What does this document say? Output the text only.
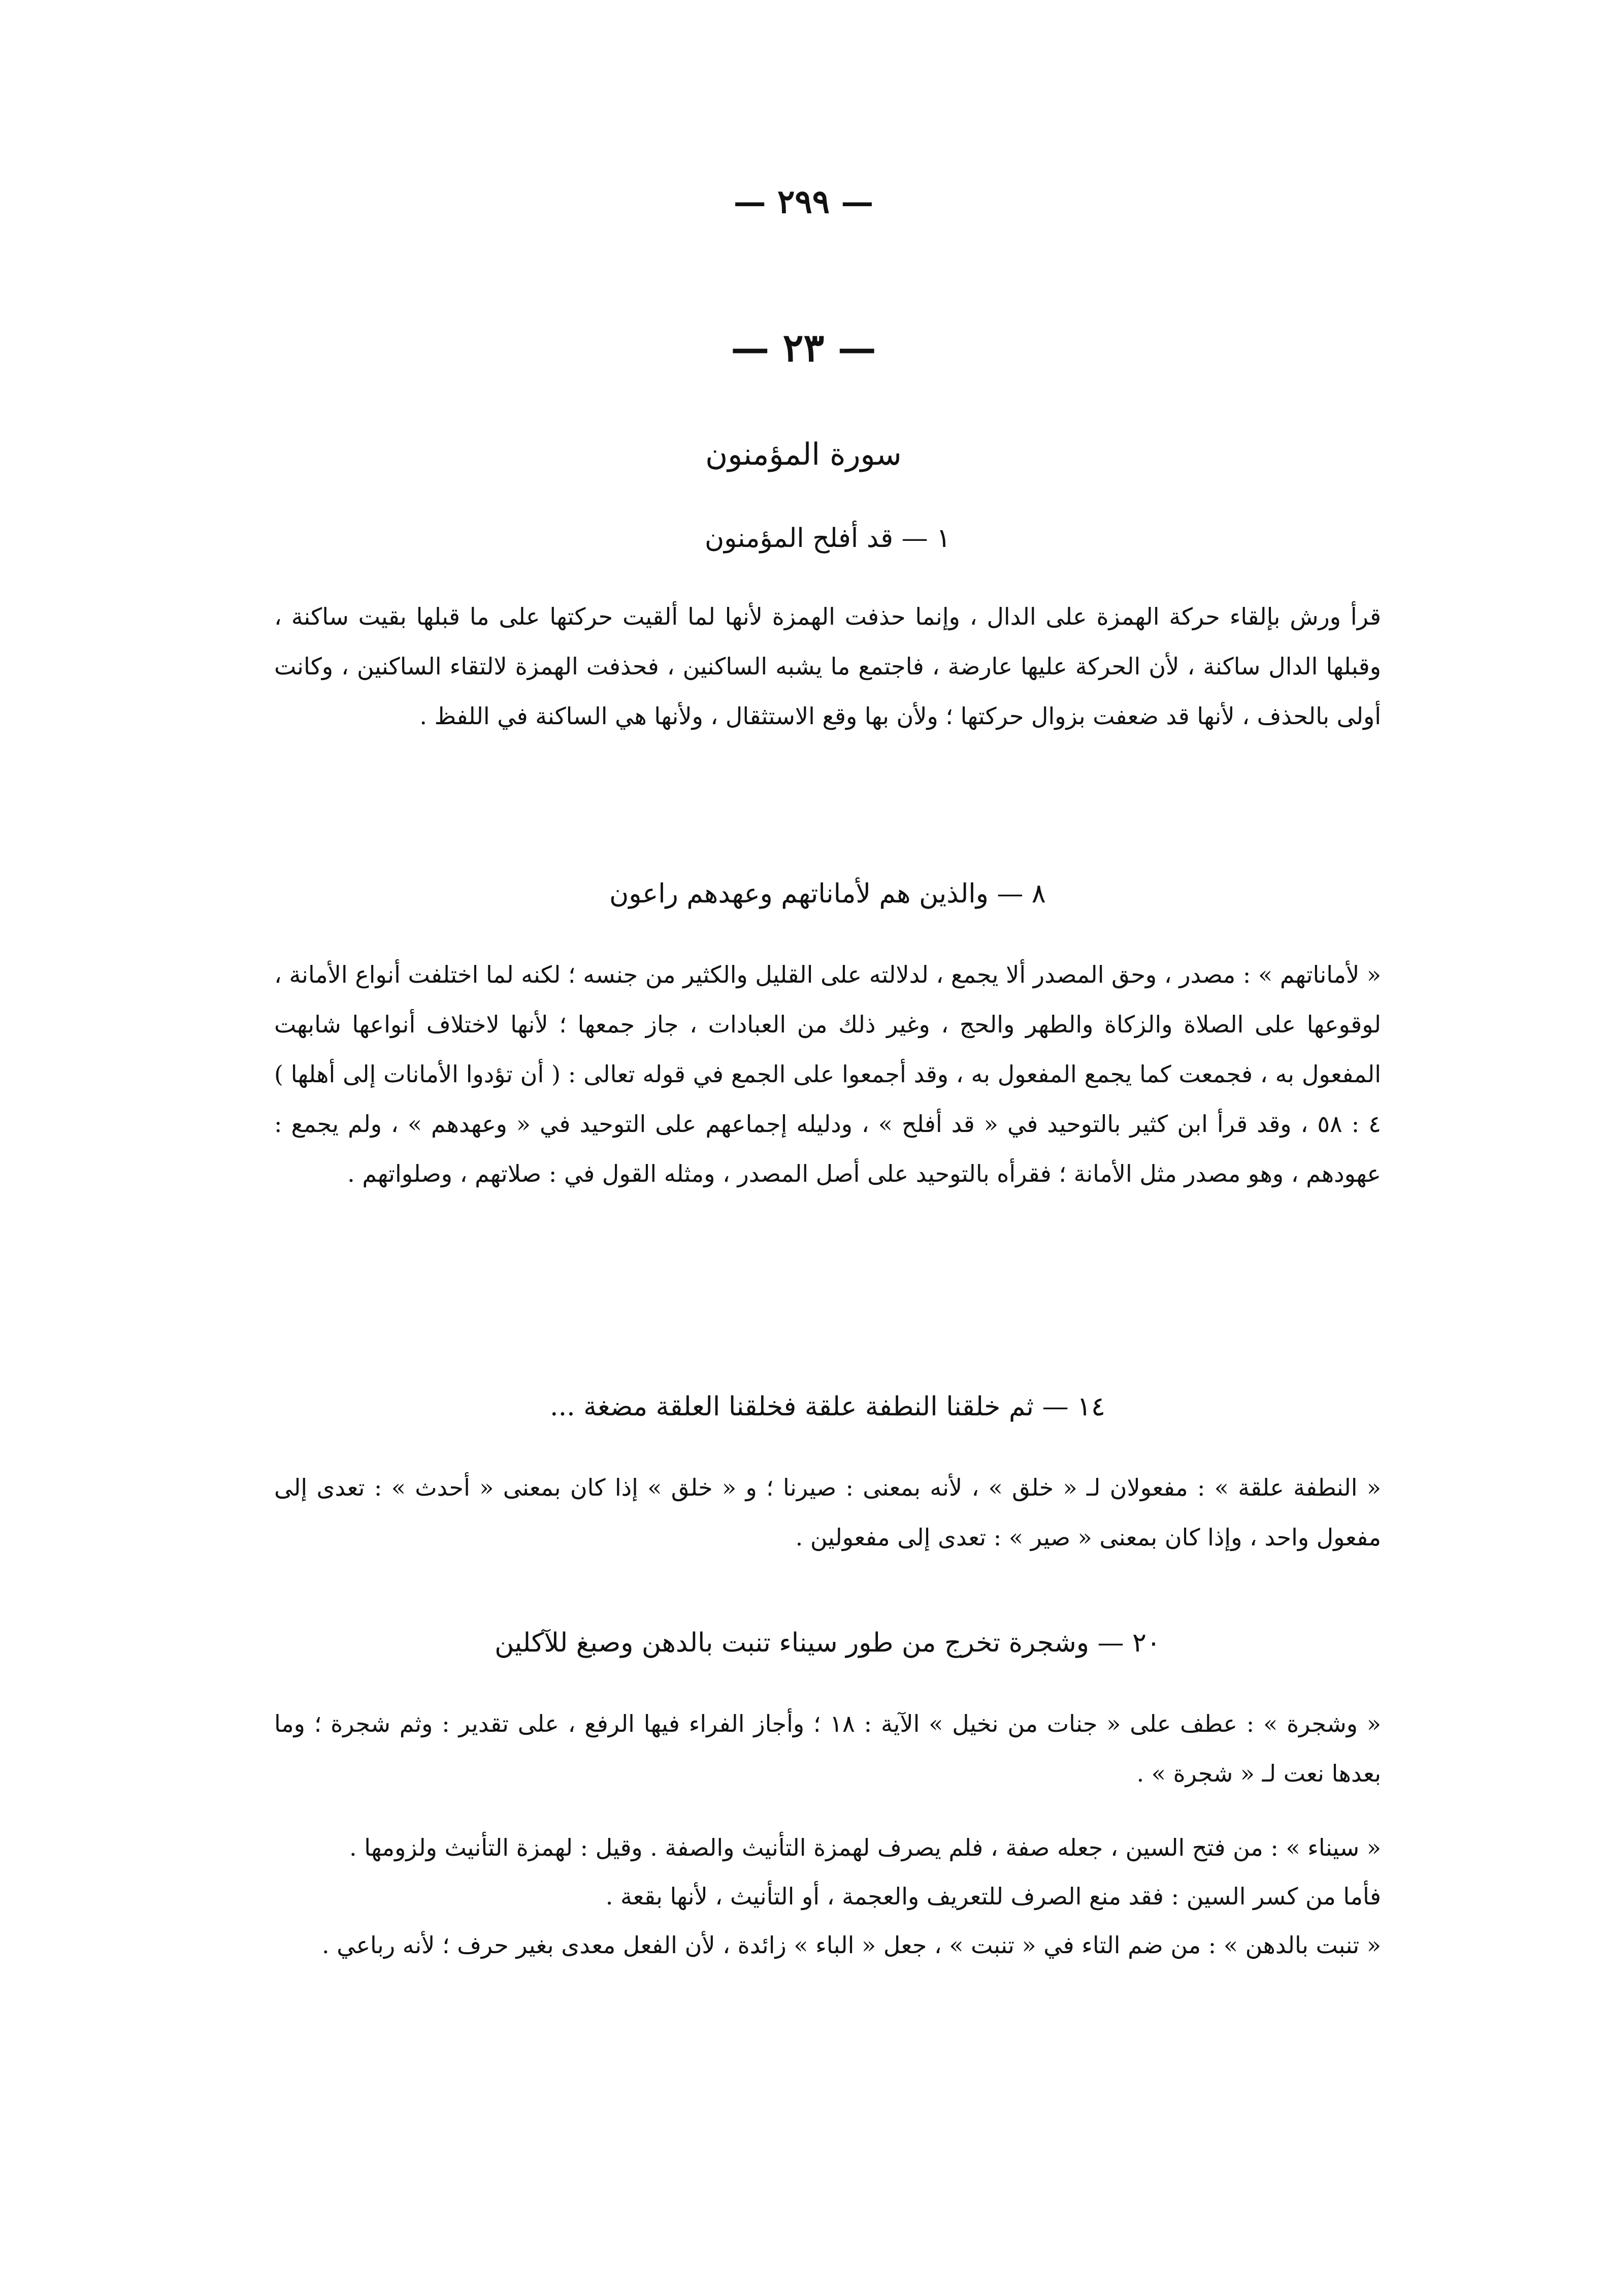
— ٢٩٩ —
— ٢٣ —
سورة المؤمنون
١ — قد أفلح المؤمنون

قرأ ورش بإلقاء حركة الهمزة على الدال ، وإنما حذفت الهمزة لأنها لما ألقيت حركتها على ما قبلها بقيت ساكنة ، وقبلها الدال ساكنة ، لأن الحركة عليها عارضة ، فاجتمع ما يشبه الساكنين ، فحذفت الهمزة لالتقاء الساكنين ، وكانت أولى بالحذف ، لأنها قد ضعفت بزوال حركتها ؛ ولأن بها وقع الاستثقال ، ولأنها هي الساكنة في اللفظ .

٨ — والذين هم لأماناتهم وعهدهم راعون

« لأماناتهم » : مصدر ، وحق المصدر ألا يجمع ، لدلالته على القليل والكثير من جنسه ؛ لكنه لما اختلفت أنواع الأمانة ، لوقوعها على الصلاة والزكاة والطهر والحج ، وغير ذلك من العبادات ، جاز جمعها ؛ لأنها لاختلاف أنواعها شابهت المفعول به ، فجمعت كما يجمع المفعول به ، وقد أجمعوا على الجمع في قوله تعالى : ( أن تؤدوا الأمانات إلى أهلها ) ٤ : ٥٨ ، وقد قرأ ابن كثير بالتوحيد في « قد أفلح » ، ودليله إجماعهم على التوحيد في « وعهدهم » ، ولم يجمع : عهودهم ، وهو مصدر مثل الأمانة ؛ فقرأه بالتوحيد على أصل المصدر ، ومثله القول في : صلاتهم ، وصلواتهم .

١٤ — ثم خلقنا النطفة علقة فخلقنا العلقة مضغة ...

« النطفة علقة » : مفعولان لـ « خلق » ، لأنه بمعنى : صيرنا ؛ و « خلق » إذا كان بمعنى « أحدث » : تعدى إلى مفعول واحد ، وإذا كان بمعنى « صير » : تعدى إلى مفعولين .

٢٠ — وشجرة تخرج من طور سيناء تنبت بالدهن وصبغ للآكلين

« وشجرة » : عطف على « جنات من نخيل » الآية : ١٨ ؛ وأجاز الفراء فيها الرفع ، على تقدير : وثم شجرة ؛ وما بعدها نعت لـ « شجرة » .

« سيناء » : من فتح السين ، جعله صفة ، فلم يصرف لهمزة التأنيث والصفة . وقيل : لهمزة التأنيث ولزومها .

فأما من كسر السين : فقد منع الصرف للتعريف والعجمة ، أو التأنيث ، لأنها بقعة .

« تنبت بالدهن » : من ضم التاء في « تنبت » ، جعل « الباء » زائدة ، لأن الفعل معدى بغير حرف ؛ لأنه رباعي .
